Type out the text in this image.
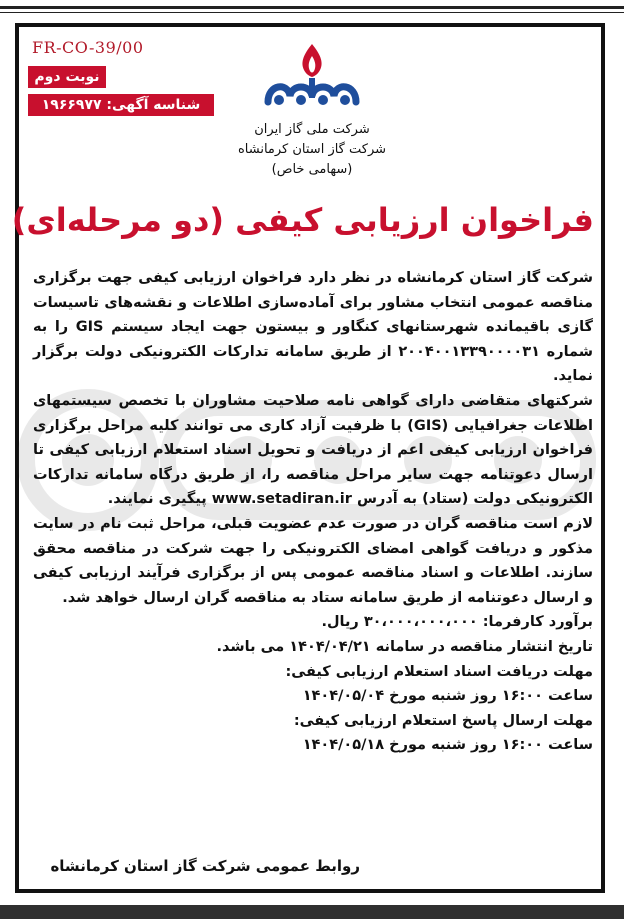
FR-CO-39/00
نوبت دوم
شناسه آگهی: ۱۹۶۶۹۷۷
شرکت ملی گاز ایران
شرکت گاز استان کرمانشاه
(سهامی خاص)
فراخوان ارزیابی کیفی (دو مرحله‌ای)

شرکت گاز استان کرمانشاه در نظر دارد فراخوان ارزیابی کیفی جهت برگزاری مناقصه عمومی انتخاب مشاور برای آماده‌سازی اطلاعات و نقشه‌های تاسیسات گازی باقیمانده شهرستانهای کنگاور و بیستون جهت ایجاد سیستم GIS را به شماره ۲۰۰۴۰۰۱۳۳۹۰۰۰۰۳۱ از طریق سامانه تدارکات الکترونیکی دولت برگزار نماید.

شرکتهای متقاضی دارای گواهی نامه صلاحیت مشاوران با تخصص سیستمهای اطلاعات جغرافیایی (GIS) با ظرفیت آزاد کاری می توانند کلیه مراحل برگزاری فراخوان ارزیابی کیفی اعم از دریافت و تحویل اسناد استعلام ارزیابی کیفی تا ارسال دعوتنامه جهت سایر مراحل مناقصه را، از طریق درگاه سامانه تدارکات الکترونیکی دولت (ستاد) به آدرس www.setadiran.ir پیگیری نمایند.

لازم است مناقصه گران در صورت عدم عضویت قبلی، مراحل ثبت نام در سایت مذکور و دریافت گواهی امضای الکترونیکی را جهت شرکت در مناقصه محقق سازند. اطلاعات و اسناد مناقصه عمومی پس از برگزاری فرآیند ارزیابی کیفی و ارسال دعوتنامه از طریق سامانه ستاد به مناقصه گران ارسال خواهد شد.

برآورد کارفرما: ۳۰،۰۰۰،۰۰۰،۰۰۰ ریال.
تاریخ انتشار مناقصه در سامانه ۱۴۰۴/۰۴/۲۱ می باشد.
مهلت دریافت اسناد استعلام ارزیابی کیفی:
ساعت ۱۶:۰۰ روز شنبه مورخ ۱۴۰۴/۰۵/۰۴
مهلت ارسال پاسخ استعلام ارزیابی کیفی:
ساعت ۱۶:۰۰ روز شنبه مورخ ۱۴۰۴/۰۵/۱۸
روابط عمومی شرکت گاز استان کرمانشاه
